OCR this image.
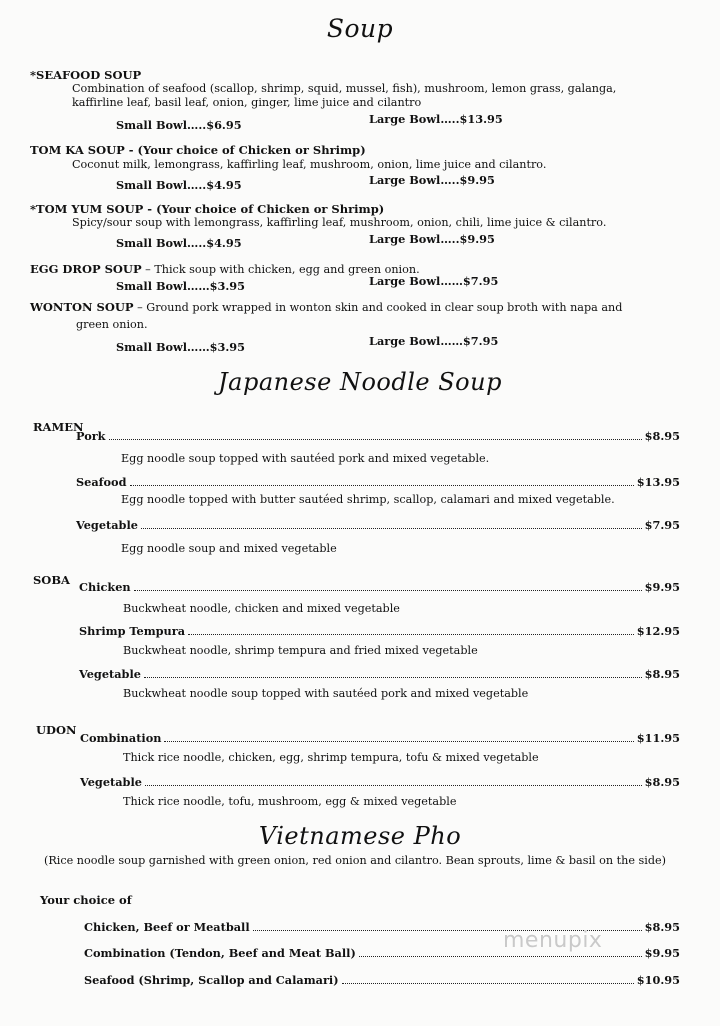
Soup
*SEAFOOD SOUP
Combination of seafood (scallop, shrimp, squid, mussel, fish), mushroom, lemon grass, galanga,
kaffirline leaf, basil leaf, onion, ginger, lime juice and cilantro
Small Bowl…..$6.95	Large Bowl…..$13.95
TOM KA SOUP - (Your choice of Chicken or Shrimp)
Coconut milk, lemongrass, kaffirling leaf, mushroom, onion, lime juice and cilantro.
Small Bowl…..$4.95	Large Bowl…..$9.95
*TOM YUM SOUP - (Your choice of Chicken or Shrimp)
Spicy/sour soup with lemongrass, kaffirling leaf, mushroom, onion, chili, lime juice & cilantro.
Small Bowl…..$4.95	Large Bowl…..$9.95
EGG DROP SOUP – Thick soup with chicken, egg and green onion.
Small Bowl……$3.95	Large Bowl……$7.95
WONTON SOUP – Ground pork wrapped in wonton skin and cooked in clear soup broth with napa and
green onion.
Small Bowl……$3.95	Large Bowl……$7.95
Japanese Noodle Soup
RAMEN
Pork	$8.95
Egg noodle soup topped with sautéed pork and mixed vegetable.
Seafood	$13.95
Egg noodle topped with butter sautéed shrimp, scallop, calamari and mixed vegetable.
Vegetable	$7.95
Egg noodle soup and mixed vegetable
SOBA Chicken	$9.95
Buckwheat noodle, chicken and mixed vegetable
Shrimp Tempura	$12.95
Buckwheat noodle, shrimp tempura and fried mixed vegetable
Vegetable	$8.95
Buckwheat noodle soup topped with sautéed pork and mixed vegetable
UDON
Combination	$11.95
Thick rice noodle, chicken, egg, shrimp tempura, tofu & mixed vegetable
Vegetable	$8.95
Thick rice noodle, tofu, mushroom, egg & mixed vegetable
Vietnamese Pho
(Rice noodle soup garnished with green onion, red onion and cilantro. Bean sprouts, lime & basil on the side)
Your choice of
Chicken, Beef or Meatball	$8.95
Combination (Tendon, Beef and Meat Ball)	$9.95
Seafood (Shrimp, Scallop and Calamari)	$10.95
menupix
